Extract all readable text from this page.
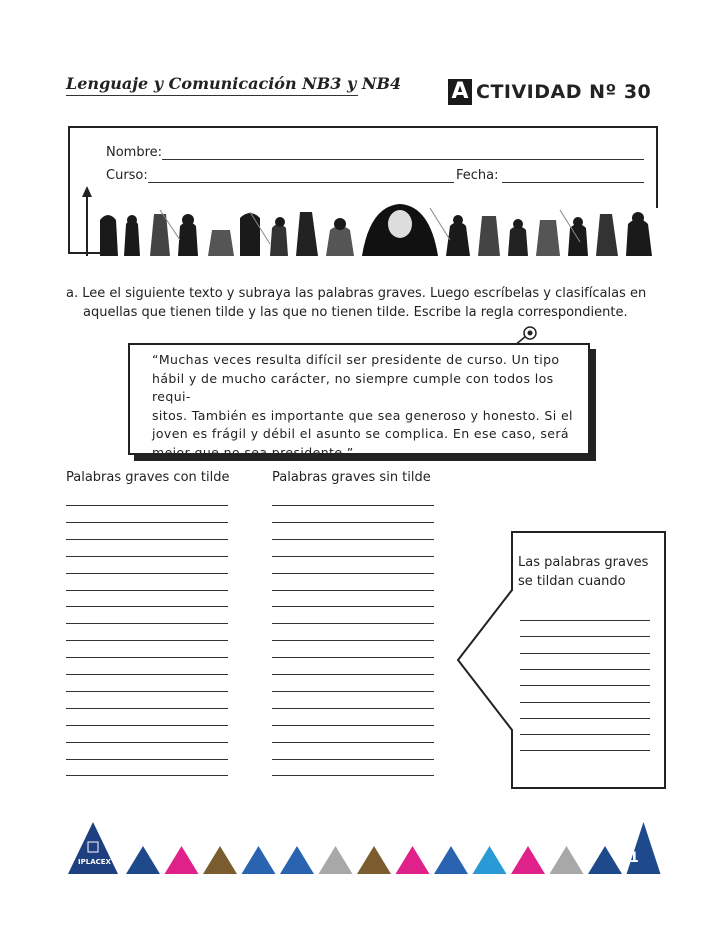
Lenguaje y Comunicación NB3 y NB4 A CTIVIDAD Nº 30
Nombre:
Curso:	Fecha:
a. Lee el siguiente texto y subraya las palabras graves. Luego escríbelas y clasifícalas en
aquellas que tienen tilde y las que no tienen tilde. Escribe la regla correspondiente.
“Muchas veces resulta difícil ser presidente de curso. Un tipo
hábil y de mucho carácter, no siempre cumple con todos los requi-
sitos. También es importante que sea generoso y honesto. Si el
joven es frágil y débil el asunto se complica. En ese caso, será
mejor que no sea presidente.”
Palabras graves con tilde	Palabras graves sin tilde
Las palabras graves
se tildan cuando
IPLACEX	1
